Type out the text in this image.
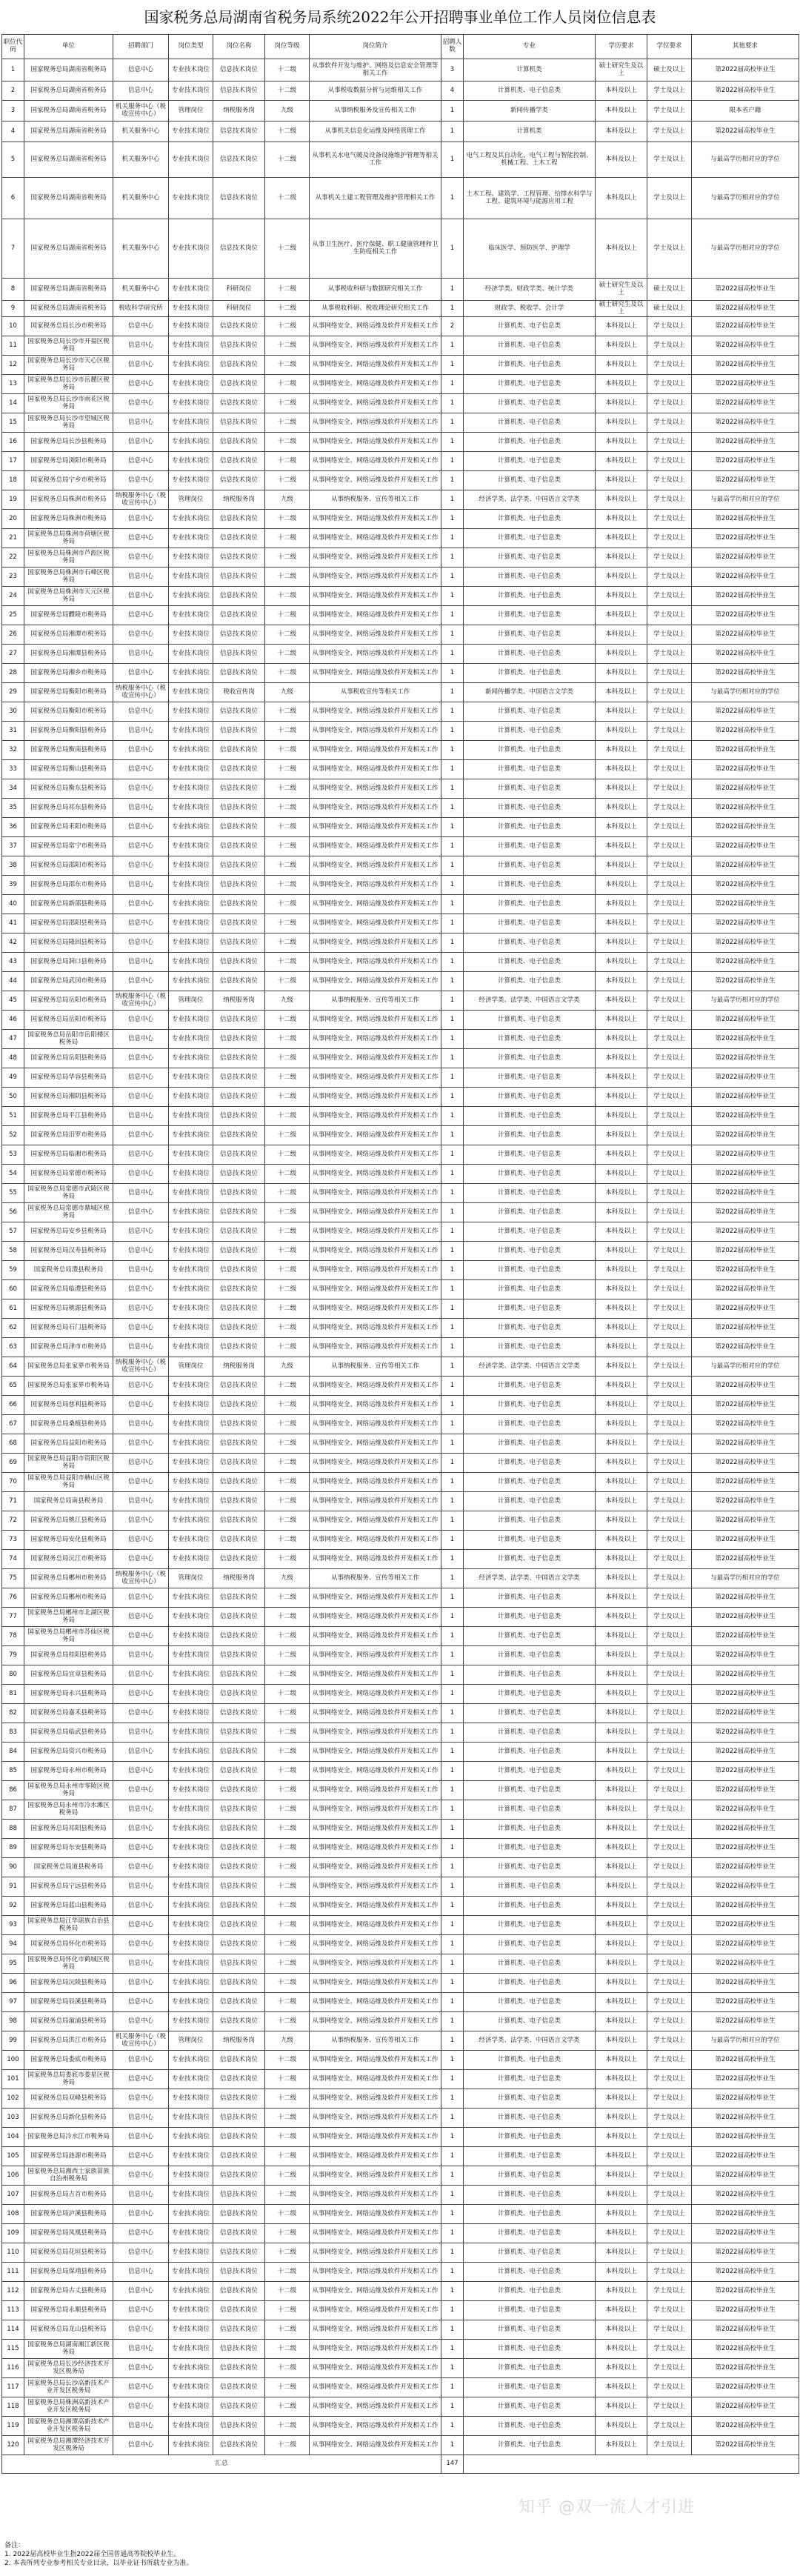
国家税务总局湖南省税务局系统2022年公开招聘事业单位工作人员岗位信息表
职位代码	单位	招聘部门	岗位类型	岗位名称	岗位等级	岗位简介	招聘人数	专业	学历要求	学位要求	其他要求
1	国家税务总局湖南省税务局	信息中心	专业技术岗位	信息技术岗位	十二级	从事软件开发与维护、网络及信息安全管理等相关工作	3	计算机类	硕士研究生及以上	硕士及以上	第2022届高校毕业生
2	国家税务总局湖南省税务局	信息中心	专业技术岗位	信息技术岗位	十二级	从事税收数据分析与运维相关工作	4	计算机类、电子信息类	本科及以上	学士及以上	第2022届高校毕业生
3	国家税务总局湖南省税务局	机关服务中心（税收宣传中心）	管理岗位	纳税服务岗	九级	从事纳税服务及宣传相关工作	1	新闻传播学类	本科及以上	学士及以上	限本省户籍
4	国家税务总局湖南省税务局	机关服务中心	专业技术岗位	信息技术岗位	十二级	从事机关信息化运维及网络管理工作	1	计算机类	本科及以上	学士及以上	第2022届高校毕业生
5	国家税务总局湖南省税务局	机关服务中心	专业技术岗位	信息技术岗位	十二级	从事机关水电气暖及设备设施维护管理等相关工作	1	电气工程及其自动化、电气工程与智能控制、机械工程、土木工程	本科及以上	学士及以上	与最高学历相对应的学位
6	国家税务总局湖南省税务局	机关服务中心	专业技术岗位	信息技术岗位	十二级	从事机关土建工程管理及维护管理相关工作	1	土木工程、建筑学、工程管理、给排水科学与工程、建筑环境与能源应用工程	本科及以上	学士及以上	与最高学历相对应的学位
7	国家税务总局湖南省税务局	机关服务中心	专业技术岗位	信息技术岗位	十二级	从事卫生医疗、医疗保健、职工健康管理和卫生防疫相关工作	1	临床医学、预防医学、护理学	本科及以上	学士及以上	与最高学历相对应的学位
8	国家税务总局湖南省税务局	机关服务中心	专业技术岗位	科研岗位	十二级	从事税收科研与数据研究相关工作	1	经济学类、财政学类、统计学类	硕士研究生及以上	硕士及以上	第2022届高校毕业生
9	国家税务总局湖南省税务局	税收科学研究所	专业技术岗位	科研岗位	十二级	从事税收科研、税收理论研究相关工作	1	财政学、税收学、会计学	硕士研究生及以上	硕士及以上	第2022届高校毕业生
10	国家税务总局长沙市税务局	信息中心	专业技术岗位	信息技术岗位	十二级	从事网络安全、网络运维及软件开发相关工作	2	计算机类、电子信息类	本科及以上	学士及以上	第2022届高校毕业生
11	国家税务总局长沙市开福区税务局	信息中心	专业技术岗位	信息技术岗位	十二级	从事网络安全、网络运维及软件开发相关工作	1	计算机类、电子信息类	本科及以上	学士及以上	第2022届高校毕业生
12	国家税务总局长沙市天心区税务局	信息中心	专业技术岗位	信息技术岗位	十二级	从事网络安全、网络运维及软件开发相关工作	1	计算机类、电子信息类	本科及以上	学士及以上	第2022届高校毕业生
13	国家税务总局长沙市岳麓区税务局	信息中心	专业技术岗位	信息技术岗位	十二级	从事网络安全、网络运维及软件开发相关工作	1	计算机类、电子信息类	本科及以上	学士及以上	第2022届高校毕业生
14	国家税务总局长沙市雨花区税务局	信息中心	专业技术岗位	信息技术岗位	十二级	从事网络安全、网络运维及软件开发相关工作	1	计算机类、电子信息类	本科及以上	学士及以上	第2022届高校毕业生
15	国家税务总局长沙市望城区税务局	信息中心	专业技术岗位	信息技术岗位	十二级	从事网络安全、网络运维及软件开发相关工作	1	计算机类、电子信息类	本科及以上	学士及以上	第2022届高校毕业生
16	国家税务总局长沙县税务局	信息中心	专业技术岗位	信息技术岗位	十二级	从事网络安全、网络运维及软件开发相关工作	1	计算机类、电子信息类	本科及以上	学士及以上	第2022届高校毕业生
17	国家税务总局浏阳市税务局	信息中心	专业技术岗位	信息技术岗位	十二级	从事网络安全、网络运维及软件开发相关工作	1	计算机类、电子信息类	本科及以上	学士及以上	第2022届高校毕业生
18	国家税务总局宁乡市税务局	信息中心	专业技术岗位	信息技术岗位	十二级	从事网络安全、网络运维及软件开发相关工作	1	计算机类、电子信息类	本科及以上	学士及以上	第2022届高校毕业生
19	国家税务总局株洲市税务局	纳税服务中心（税收宣传中心）	管理岗位	纳税服务岗	九级	从事纳税服务、宣传等相关工作	1	经济学类、法学类、中国语言文学类	本科及以上	学士及以上	与最高学历相对应的学位
20	国家税务总局株洲市税务局	信息中心	专业技术岗位	信息技术岗位	十二级	从事网络安全、网络运维及软件开发相关工作	1	计算机类、电子信息类	本科及以上	学士及以上	第2022届高校毕业生
21	国家税务总局株洲市荷塘区税务局	信息中心	专业技术岗位	信息技术岗位	十二级	从事网络安全、网络运维及软件开发相关工作	1	计算机类、电子信息类	本科及以上	学士及以上	第2022届高校毕业生
22	国家税务总局株洲市芦淞区税务局	信息中心	专业技术岗位	信息技术岗位	十二级	从事网络安全、网络运维及软件开发相关工作	1	计算机类、电子信息类	本科及以上	学士及以上	第2022届高校毕业生
23	国家税务总局株洲市石峰区税务局	信息中心	专业技术岗位	信息技术岗位	十二级	从事网络安全、网络运维及软件开发相关工作	1	计算机类、电子信息类	本科及以上	学士及以上	第2022届高校毕业生
24	国家税务总局株洲市天元区税务局	信息中心	专业技术岗位	信息技术岗位	十二级	从事网络安全、网络运维及软件开发相关工作	1	计算机类、电子信息类	本科及以上	学士及以上	第2022届高校毕业生
25	国家税务总局醴陵市税务局	信息中心	专业技术岗位	信息技术岗位	十二级	从事网络安全、网络运维及软件开发相关工作	1	计算机类、电子信息类	本科及以上	学士及以上	第2022届高校毕业生
26	国家税务总局湘潭市税务局	信息中心	专业技术岗位	信息技术岗位	十二级	从事网络安全、网络运维及软件开发相关工作	1	计算机类、电子信息类	本科及以上	学士及以上	第2022届高校毕业生
27	国家税务总局湘潭县税务局	信息中心	专业技术岗位	信息技术岗位	十二级	从事网络安全、网络运维及软件开发相关工作	1	计算机类、电子信息类	本科及以上	学士及以上	第2022届高校毕业生
28	国家税务总局湘乡市税务局	信息中心	专业技术岗位	信息技术岗位	十二级	从事网络安全、网络运维及软件开发相关工作	1	计算机类、电子信息类	本科及以上	学士及以上	第2022届高校毕业生
29	国家税务总局衡阳市税务局	纳税服务中心（税收宣传中心）	专业技术岗位	税收宣传岗	九级	从事税收宣传等相关工作	1	新闻传播学类、中国语言文学类	本科及以上	学士及以上	与最高学历相对应的学位
30	国家税务总局衡阳市税务局	信息中心	专业技术岗位	信息技术岗位	十二级	从事网络安全、网络运维及软件开发相关工作	1	计算机类、电子信息类	本科及以上	学士及以上	第2022届高校毕业生
31	国家税务总局衡阳县税务局	信息中心	专业技术岗位	信息技术岗位	十二级	从事网络安全、网络运维及软件开发相关工作	1	计算机类、电子信息类	本科及以上	学士及以上	第2022届高校毕业生
32	国家税务总局衡南县税务局	信息中心	专业技术岗位	信息技术岗位	十二级	从事网络安全、网络运维及软件开发相关工作	1	计算机类、电子信息类	本科及以上	学士及以上	第2022届高校毕业生
33	国家税务总局衡山县税务局	信息中心	专业技术岗位	信息技术岗位	十二级	从事网络安全、网络运维及软件开发相关工作	1	计算机类、电子信息类	本科及以上	学士及以上	第2022届高校毕业生
34	国家税务总局衡东县税务局	信息中心	专业技术岗位	信息技术岗位	十二级	从事网络安全、网络运维及软件开发相关工作	1	计算机类、电子信息类	本科及以上	学士及以上	第2022届高校毕业生
35	国家税务总局祁东县税务局	信息中心	专业技术岗位	信息技术岗位	十二级	从事网络安全、网络运维及软件开发相关工作	1	计算机类、电子信息类	本科及以上	学士及以上	第2022届高校毕业生
36	国家税务总局耒阳市税务局	信息中心	专业技术岗位	信息技术岗位	十二级	从事网络安全、网络运维及软件开发相关工作	1	计算机类、电子信息类	本科及以上	学士及以上	第2022届高校毕业生
37	国家税务总局常宁市税务局	信息中心	专业技术岗位	信息技术岗位	十二级	从事网络安全、网络运维及软件开发相关工作	1	计算机类、电子信息类	本科及以上	学士及以上	第2022届高校毕业生
38	国家税务总局邵阳市税务局	信息中心	专业技术岗位	信息技术岗位	十二级	从事网络安全、网络运维及软件开发相关工作	1	计算机类、电子信息类	本科及以上	学士及以上	第2022届高校毕业生
39	国家税务总局邵东市税务局	信息中心	专业技术岗位	信息技术岗位	十二级	从事网络安全、网络运维及软件开发相关工作	1	计算机类、电子信息类	本科及以上	学士及以上	第2022届高校毕业生
40	国家税务总局新邵县税务局	信息中心	专业技术岗位	信息技术岗位	十二级	从事网络安全、网络运维及软件开发相关工作	1	计算机类、电子信息类	本科及以上	学士及以上	第2022届高校毕业生
41	国家税务总局邵阳县税务局	信息中心	专业技术岗位	信息技术岗位	十二级	从事网络安全、网络运维及软件开发相关工作	1	计算机类、电子信息类	本科及以上	学士及以上	第2022届高校毕业生
42	国家税务总局隆回县税务局	信息中心	专业技术岗位	信息技术岗位	十二级	从事网络安全、网络运维及软件开发相关工作	1	计算机类、电子信息类	本科及以上	学士及以上	第2022届高校毕业生
43	国家税务总局洞口县税务局	信息中心	专业技术岗位	信息技术岗位	十二级	从事网络安全、网络运维及软件开发相关工作	1	计算机类、电子信息类	本科及以上	学士及以上	第2022届高校毕业生
44	国家税务总局武冈市税务局	信息中心	专业技术岗位	信息技术岗位	十二级	从事网络安全、网络运维及软件开发相关工作	1	计算机类、电子信息类	本科及以上	学士及以上	第2022届高校毕业生
45	国家税务总局岳阳市税务局	纳税服务中心（税收宣传中心）	管理岗位	纳税服务岗	九级	从事纳税服务、宣传等相关工作	1	经济学类、法学类、中国语言文学类	本科及以上	学士及以上	与最高学历相对应的学位
46	国家税务总局岳阳市税务局	信息中心	专业技术岗位	信息技术岗位	十二级	从事网络安全、网络运维及软件开发相关工作	1	计算机类、电子信息类	本科及以上	学士及以上	第2022届高校毕业生
47	国家税务总局岳阳市岳阳楼区税务局	信息中心	专业技术岗位	信息技术岗位	十二级	从事网络安全、网络运维及软件开发相关工作	1	计算机类、电子信息类	本科及以上	学士及以上	第2022届高校毕业生
48	国家税务总局岳阳县税务局	信息中心	专业技术岗位	信息技术岗位	十二级	从事网络安全、网络运维及软件开发相关工作	1	计算机类、电子信息类	本科及以上	学士及以上	第2022届高校毕业生
49	国家税务总局华容县税务局	信息中心	专业技术岗位	信息技术岗位	十二级	从事网络安全、网络运维及软件开发相关工作	1	计算机类、电子信息类	本科及以上	学士及以上	第2022届高校毕业生
50	国家税务总局湘阴县税务局	信息中心	专业技术岗位	信息技术岗位	十二级	从事网络安全、网络运维及软件开发相关工作	1	计算机类、电子信息类	本科及以上	学士及以上	第2022届高校毕业生
51	国家税务总局平江县税务局	信息中心	专业技术岗位	信息技术岗位	十二级	从事网络安全、网络运维及软件开发相关工作	1	计算机类、电子信息类	本科及以上	学士及以上	第2022届高校毕业生
52	国家税务总局汨罗市税务局	信息中心	专业技术岗位	信息技术岗位	十二级	从事网络安全、网络运维及软件开发相关工作	1	计算机类、电子信息类	本科及以上	学士及以上	第2022届高校毕业生
53	国家税务总局临湘市税务局	信息中心	专业技术岗位	信息技术岗位	十二级	从事网络安全、网络运维及软件开发相关工作	1	计算机类、电子信息类	本科及以上	学士及以上	第2022届高校毕业生
54	国家税务总局常德市税务局	信息中心	专业技术岗位	信息技术岗位	十二级	从事网络安全、网络运维及软件开发相关工作	1	计算机类、电子信息类	本科及以上	学士及以上	第2022届高校毕业生
55	国家税务总局常德市武陵区税务局	信息中心	专业技术岗位	信息技术岗位	十二级	从事网络安全、网络运维及软件开发相关工作	1	计算机类、电子信息类	本科及以上	学士及以上	第2022届高校毕业生
56	国家税务总局常德市鼎城区税务局	信息中心	专业技术岗位	信息技术岗位	十二级	从事网络安全、网络运维及软件开发相关工作	1	计算机类、电子信息类	本科及以上	学士及以上	第2022届高校毕业生
57	国家税务总局安乡县税务局	信息中心	专业技术岗位	信息技术岗位	十二级	从事网络安全、网络运维及软件开发相关工作	1	计算机类、电子信息类	本科及以上	学士及以上	第2022届高校毕业生
58	国家税务总局汉寿县税务局	信息中心	专业技术岗位	信息技术岗位	十二级	从事网络安全、网络运维及软件开发相关工作	1	计算机类、电子信息类	本科及以上	学士及以上	第2022届高校毕业生
59	国家税务总局澧县税务局	信息中心	专业技术岗位	信息技术岗位	十二级	从事网络安全、网络运维及软件开发相关工作	1	计算机类、电子信息类	本科及以上	学士及以上	第2022届高校毕业生
60	国家税务总局临澧县税务局	信息中心	专业技术岗位	信息技术岗位	十二级	从事网络安全、网络运维及软件开发相关工作	1	计算机类、电子信息类	本科及以上	学士及以上	第2022届高校毕业生
61	国家税务总局桃源县税务局	信息中心	专业技术岗位	信息技术岗位	十二级	从事网络安全、网络运维及软件开发相关工作	1	计算机类、电子信息类	本科及以上	学士及以上	第2022届高校毕业生
62	国家税务总局石门县税务局	信息中心	专业技术岗位	信息技术岗位	十二级	从事网络安全、网络运维及软件开发相关工作	1	计算机类、电子信息类	本科及以上	学士及以上	第2022届高校毕业生
63	国家税务总局津市市税务局	信息中心	专业技术岗位	信息技术岗位	十二级	从事网络安全、网络运维及软件开发相关工作	1	计算机类、电子信息类	本科及以上	学士及以上	第2022届高校毕业生
64	国家税务总局张家界市税务局	纳税服务中心（税收宣传中心）	管理岗位	纳税服务岗	九级	从事纳税服务、宣传等相关工作	1	经济学类、法学类、中国语言文学类	本科及以上	学士及以上	与最高学历相对应的学位
65	国家税务总局张家界市税务局	信息中心	专业技术岗位	信息技术岗位	十二级	从事网络安全、网络运维及软件开发相关工作	1	计算机类、电子信息类	本科及以上	学士及以上	第2022届高校毕业生
66	国家税务总局慈利县税务局	信息中心	专业技术岗位	信息技术岗位	十二级	从事网络安全、网络运维及软件开发相关工作	1	计算机类、电子信息类	本科及以上	学士及以上	第2022届高校毕业生
67	国家税务总局桑植县税务局	信息中心	专业技术岗位	信息技术岗位	十二级	从事网络安全、网络运维及软件开发相关工作	1	计算机类、电子信息类	本科及以上	学士及以上	第2022届高校毕业生
68	国家税务总局益阳市税务局	信息中心	专业技术岗位	信息技术岗位	十二级	从事网络安全、网络运维及软件开发相关工作	1	计算机类、电子信息类	本科及以上	学士及以上	第2022届高校毕业生
69	国家税务总局益阳市资阳区税务局	信息中心	专业技术岗位	信息技术岗位	十二级	从事网络安全、网络运维及软件开发相关工作	1	计算机类、电子信息类	本科及以上	学士及以上	第2022届高校毕业生
70	国家税务总局益阳市赫山区税务局	信息中心	专业技术岗位	信息技术岗位	十二级	从事网络安全、网络运维及软件开发相关工作	1	计算机类、电子信息类	本科及以上	学士及以上	第2022届高校毕业生
71	国家税务总局南县税务局	信息中心	专业技术岗位	信息技术岗位	十二级	从事网络安全、网络运维及软件开发相关工作	1	计算机类、电子信息类	本科及以上	学士及以上	第2022届高校毕业生
72	国家税务总局桃江县税务局	信息中心	专业技术岗位	信息技术岗位	十二级	从事网络安全、网络运维及软件开发相关工作	1	计算机类、电子信息类	本科及以上	学士及以上	第2022届高校毕业生
73	国家税务总局安化县税务局	信息中心	专业技术岗位	信息技术岗位	十二级	从事网络安全、网络运维及软件开发相关工作	1	计算机类、电子信息类	本科及以上	学士及以上	第2022届高校毕业生
74	国家税务总局沅江市税务局	信息中心	专业技术岗位	信息技术岗位	十二级	从事网络安全、网络运维及软件开发相关工作	1	计算机类、电子信息类	本科及以上	学士及以上	第2022届高校毕业生
75	国家税务总局郴州市税务局	纳税服务中心（税收宣传中心）	管理岗位	纳税服务岗	九级	从事纳税服务、宣传等相关工作	1	经济学类、法学类、中国语言文学类	本科及以上	学士及以上	与最高学历相对应的学位
76	国家税务总局郴州市税务局	信息中心	专业技术岗位	信息技术岗位	十二级	从事网络安全、网络运维及软件开发相关工作	1	计算机类、电子信息类	本科及以上	学士及以上	第2022届高校毕业生
77	国家税务总局郴州市北湖区税务局	信息中心	专业技术岗位	信息技术岗位	十二级	从事网络安全、网络运维及软件开发相关工作	1	计算机类、电子信息类	本科及以上	学士及以上	第2022届高校毕业生
78	国家税务总局郴州市苏仙区税务局	信息中心	专业技术岗位	信息技术岗位	十二级	从事网络安全、网络运维及软件开发相关工作	1	计算机类、电子信息类	本科及以上	学士及以上	第2022届高校毕业生
79	国家税务总局桂阳县税务局	信息中心	专业技术岗位	信息技术岗位	十二级	从事网络安全、网络运维及软件开发相关工作	1	计算机类、电子信息类	本科及以上	学士及以上	第2022届高校毕业生
80	国家税务总局宜章县税务局	信息中心	专业技术岗位	信息技术岗位	十二级	从事网络安全、网络运维及软件开发相关工作	1	计算机类、电子信息类	本科及以上	学士及以上	第2022届高校毕业生
81	国家税务总局永兴县税务局	信息中心	专业技术岗位	信息技术岗位	十二级	从事网络安全、网络运维及软件开发相关工作	1	计算机类、电子信息类	本科及以上	学士及以上	第2022届高校毕业生
82	国家税务总局嘉禾县税务局	信息中心	专业技术岗位	信息技术岗位	十二级	从事网络安全、网络运维及软件开发相关工作	1	计算机类、电子信息类	本科及以上	学士及以上	第2022届高校毕业生
83	国家税务总局临武县税务局	信息中心	专业技术岗位	信息技术岗位	十二级	从事网络安全、网络运维及软件开发相关工作	1	计算机类、电子信息类	本科及以上	学士及以上	第2022届高校毕业生
84	国家税务总局资兴市税务局	信息中心	专业技术岗位	信息技术岗位	十二级	从事网络安全、网络运维及软件开发相关工作	1	计算机类、电子信息类	本科及以上	学士及以上	第2022届高校毕业生
85	国家税务总局永州市税务局	信息中心	专业技术岗位	信息技术岗位	十二级	从事网络安全、网络运维及软件开发相关工作	1	计算机类、电子信息类	本科及以上	学士及以上	第2022届高校毕业生
86	国家税务总局永州市零陵区税务局	信息中心	专业技术岗位	信息技术岗位	十二级	从事网络安全、网络运维及软件开发相关工作	1	计算机类、电子信息类	本科及以上	学士及以上	第2022届高校毕业生
87	国家税务总局永州市冷水滩区税务局	信息中心	专业技术岗位	信息技术岗位	十二级	从事网络安全、网络运维及软件开发相关工作	1	计算机类、电子信息类	本科及以上	学士及以上	第2022届高校毕业生
88	国家税务总局祁阳县税务局	信息中心	专业技术岗位	信息技术岗位	十二级	从事网络安全、网络运维及软件开发相关工作	1	计算机类、电子信息类	本科及以上	学士及以上	第2022届高校毕业生
89	国家税务总局东安县税务局	信息中心	专业技术岗位	信息技术岗位	十二级	从事网络安全、网络运维及软件开发相关工作	1	计算机类、电子信息类	本科及以上	学士及以上	第2022届高校毕业生
90	国家税务总局道县税务局	信息中心	专业技术岗位	信息技术岗位	十二级	从事网络安全、网络运维及软件开发相关工作	1	计算机类、电子信息类	本科及以上	学士及以上	第2022届高校毕业生
91	国家税务总局宁远县税务局	信息中心	专业技术岗位	信息技术岗位	十二级	从事网络安全、网络运维及软件开发相关工作	1	计算机类、电子信息类	本科及以上	学士及以上	第2022届高校毕业生
92	国家税务总局蓝山县税务局	信息中心	专业技术岗位	信息技术岗位	十二级	从事网络安全、网络运维及软件开发相关工作	1	计算机类、电子信息类	本科及以上	学士及以上	第2022届高校毕业生
93	国家税务总局江华瑶族自治县税务局	信息中心	专业技术岗位	信息技术岗位	十二级	从事网络安全、网络运维及软件开发相关工作	1	计算机类、电子信息类	本科及以上	学士及以上	第2022届高校毕业生
94	国家税务总局怀化市税务局	信息中心	专业技术岗位	信息技术岗位	十二级	从事网络安全、网络运维及软件开发相关工作	1	计算机类、电子信息类	本科及以上	学士及以上	第2022届高校毕业生
95	国家税务总局怀化市鹤城区税务局	信息中心	专业技术岗位	信息技术岗位	十二级	从事网络安全、网络运维及软件开发相关工作	1	计算机类、电子信息类	本科及以上	学士及以上	第2022届高校毕业生
96	国家税务总局沅陵县税务局	信息中心	专业技术岗位	信息技术岗位	十二级	从事网络安全、网络运维及软件开发相关工作	1	计算机类、电子信息类	本科及以上	学士及以上	第2022届高校毕业生
97	国家税务总局辰溪县税务局	信息中心	专业技术岗位	信息技术岗位	十二级	从事网络安全、网络运维及软件开发相关工作	1	计算机类、电子信息类	本科及以上	学士及以上	第2022届高校毕业生
98	国家税务总局溆浦县税务局	信息中心	专业技术岗位	信息技术岗位	十二级	从事网络安全、网络运维及软件开发相关工作	1	计算机类、电子信息类	本科及以上	学士及以上	第2022届高校毕业生
99	国家税务总局洪江市税务局	机关服务中心（税收宣传中心）	管理岗位	纳税服务岗	九级	从事纳税服务、宣传等相关工作	1	经济学类、法学类、中国语言文学类	本科及以上	学士及以上	与最高学历相对应的学位
100	国家税务总局娄底市税务局	信息中心	专业技术岗位	信息技术岗位	十二级	从事网络安全、网络运维及软件开发相关工作	1	计算机类、电子信息类	本科及以上	学士及以上	第2022届高校毕业生
101	国家税务总局娄底市娄星区税务局	信息中心	专业技术岗位	信息技术岗位	十二级	从事网络安全、网络运维及软件开发相关工作	1	计算机类、电子信息类	本科及以上	学士及以上	第2022届高校毕业生
102	国家税务总局双峰县税务局	信息中心	专业技术岗位	信息技术岗位	十二级	从事网络安全、网络运维及软件开发相关工作	1	计算机类、电子信息类	本科及以上	学士及以上	第2022届高校毕业生
103	国家税务总局新化县税务局	信息中心	专业技术岗位	信息技术岗位	十二级	从事网络安全、网络运维及软件开发相关工作	1	计算机类、电子信息类	本科及以上	学士及以上	第2022届高校毕业生
104	国家税务总局冷水江市税务局	信息中心	专业技术岗位	信息技术岗位	十二级	从事网络安全、网络运维及软件开发相关工作	1	计算机类、电子信息类	本科及以上	学士及以上	第2022届高校毕业生
105	国家税务总局涟源市税务局	信息中心	专业技术岗位	信息技术岗位	十二级	从事网络安全、网络运维及软件开发相关工作	1	计算机类、电子信息类	本科及以上	学士及以上	第2022届高校毕业生
106	国家税务总局湘西土家族苗族自治州税务局	信息中心	专业技术岗位	信息技术岗位	十二级	从事网络安全、网络运维及软件开发相关工作	1	计算机类、电子信息类	本科及以上	学士及以上	第2022届高校毕业生
107	国家税务总局吉首市税务局	信息中心	专业技术岗位	信息技术岗位	十二级	从事网络安全、网络运维及软件开发相关工作	1	计算机类、电子信息类	本科及以上	学士及以上	第2022届高校毕业生
108	国家税务总局泸溪县税务局	信息中心	专业技术岗位	信息技术岗位	十二级	从事网络安全、网络运维及软件开发相关工作	1	计算机类、电子信息类	本科及以上	学士及以上	第2022届高校毕业生
109	国家税务总局凤凰县税务局	信息中心	专业技术岗位	信息技术岗位	十二级	从事网络安全、网络运维及软件开发相关工作	1	计算机类、电子信息类	本科及以上	学士及以上	第2022届高校毕业生
110	国家税务总局花垣县税务局	信息中心	专业技术岗位	信息技术岗位	十二级	从事网络安全、网络运维及软件开发相关工作	1	计算机类、电子信息类	本科及以上	学士及以上	第2022届高校毕业生
111	国家税务总局保靖县税务局	信息中心	专业技术岗位	信息技术岗位	十二级	从事网络安全、网络运维及软件开发相关工作	1	计算机类、电子信息类	本科及以上	学士及以上	第2022届高校毕业生
112	国家税务总局古丈县税务局	信息中心	专业技术岗位	信息技术岗位	十二级	从事网络安全、网络运维及软件开发相关工作	1	计算机类、电子信息类	本科及以上	学士及以上	第2022届高校毕业生
113	国家税务总局永顺县税务局	信息中心	专业技术岗位	信息技术岗位	十二级	从事网络安全、网络运维及软件开发相关工作	1	计算机类、电子信息类	本科及以上	学士及以上	第2022届高校毕业生
114	国家税务总局龙山县税务局	信息中心	专业技术岗位	信息技术岗位	十二级	从事网络安全、网络运维及软件开发相关工作	1	计算机类、电子信息类	本科及以上	学士及以上	第2022届高校毕业生
115	国家税务总局湖南湘江新区税务局	信息中心	专业技术岗位	信息技术岗位	十二级	从事网络安全、网络运维及软件开发相关工作	1	计算机类、电子信息类	本科及以上	学士及以上	第2022届高校毕业生
116	国家税务总局长沙经济技术开发区税务局	信息中心	专业技术岗位	信息技术岗位	十二级	从事网络安全、网络运维及软件开发相关工作	1	计算机类、电子信息类	本科及以上	学士及以上	第2022届高校毕业生
117	国家税务总局长沙高新技术产业开发区税务局	信息中心	专业技术岗位	信息技术岗位	十二级	从事网络安全、网络运维及软件开发相关工作	1	计算机类、电子信息类	本科及以上	学士及以上	第2022届高校毕业生
118	国家税务总局株洲高新技术产业开发区税务局	信息中心	专业技术岗位	信息技术岗位	十二级	从事网络安全、网络运维及软件开发相关工作	1	计算机类、电子信息类	本科及以上	学士及以上	第2022届高校毕业生
119	国家税务总局湘潭高新技术产业开发区税务局	信息中心	专业技术岗位	信息技术岗位	十二级	从事网络安全、网络运维及软件开发相关工作	1	计算机类、电子信息类	本科及以上	学士及以上	第2022届高校毕业生
120	国家税务总局湘潭经济技术开发区税务局	信息中心	专业技术岗位	信息技术岗位	十二级	从事网络安全、网络运维及软件开发相关工作	1	计算机类、电子信息类	本科及以上	学士及以上	第2022届高校毕业生
汇总							147				
知乎 @双一流人才引进
备注：
1. 2022届高校毕业生指2022届全国普通高等院校毕业生。
2. 本表所列专业参考相关专业目录，以毕业证书所载专业为准。
